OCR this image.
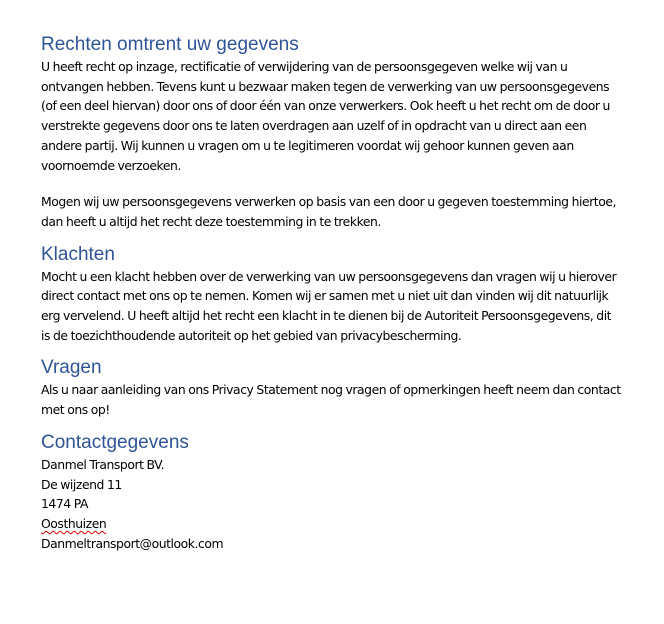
Rechten omtrent uw gegevens

U heeft recht op inzage, rectificatie of verwijdering van de persoonsgegeven welke wij van u
ontvangen hebben. Tevens kunt u bezwaar maken tegen de verwerking van uw persoonsgegevens
(of een deel hiervan) door ons of door één van onze verwerkers. Ook heeft u het recht om de door u
verstrekte gegevens door ons te laten overdragen aan uzelf of in opdracht van u direct aan een
andere partij. Wij kunnen u vragen om u te legitimeren voordat wij gehoor kunnen geven aan
voornoemde verzoeken.

Mogen wij uw persoonsgegevens verwerken op basis van een door u gegeven toestemming hiertoe,
dan heeft u altijd het recht deze toestemming in te trekken.

Klachten

Mocht u een klacht hebben over de verwerking van uw persoonsgegevens dan vragen wij u hierover
direct contact met ons op te nemen. Komen wij er samen met u niet uit dan vinden wij dit natuurlijk
erg vervelend. U heeft altijd het recht een klacht in te dienen bij de Autoriteit Persoonsgegevens, dit
is de toezichthoudende autoriteit op het gebied van privacybescherming.

Vragen

Als u naar aanleiding van ons Privacy Statement nog vragen of opmerkingen heeft neem dan contact
met ons op!

Contactgegevens

Danmel Transport BV.
De wijzend 11
1474 PA
Oosthuizen
Danmeltransport@outlook.com
